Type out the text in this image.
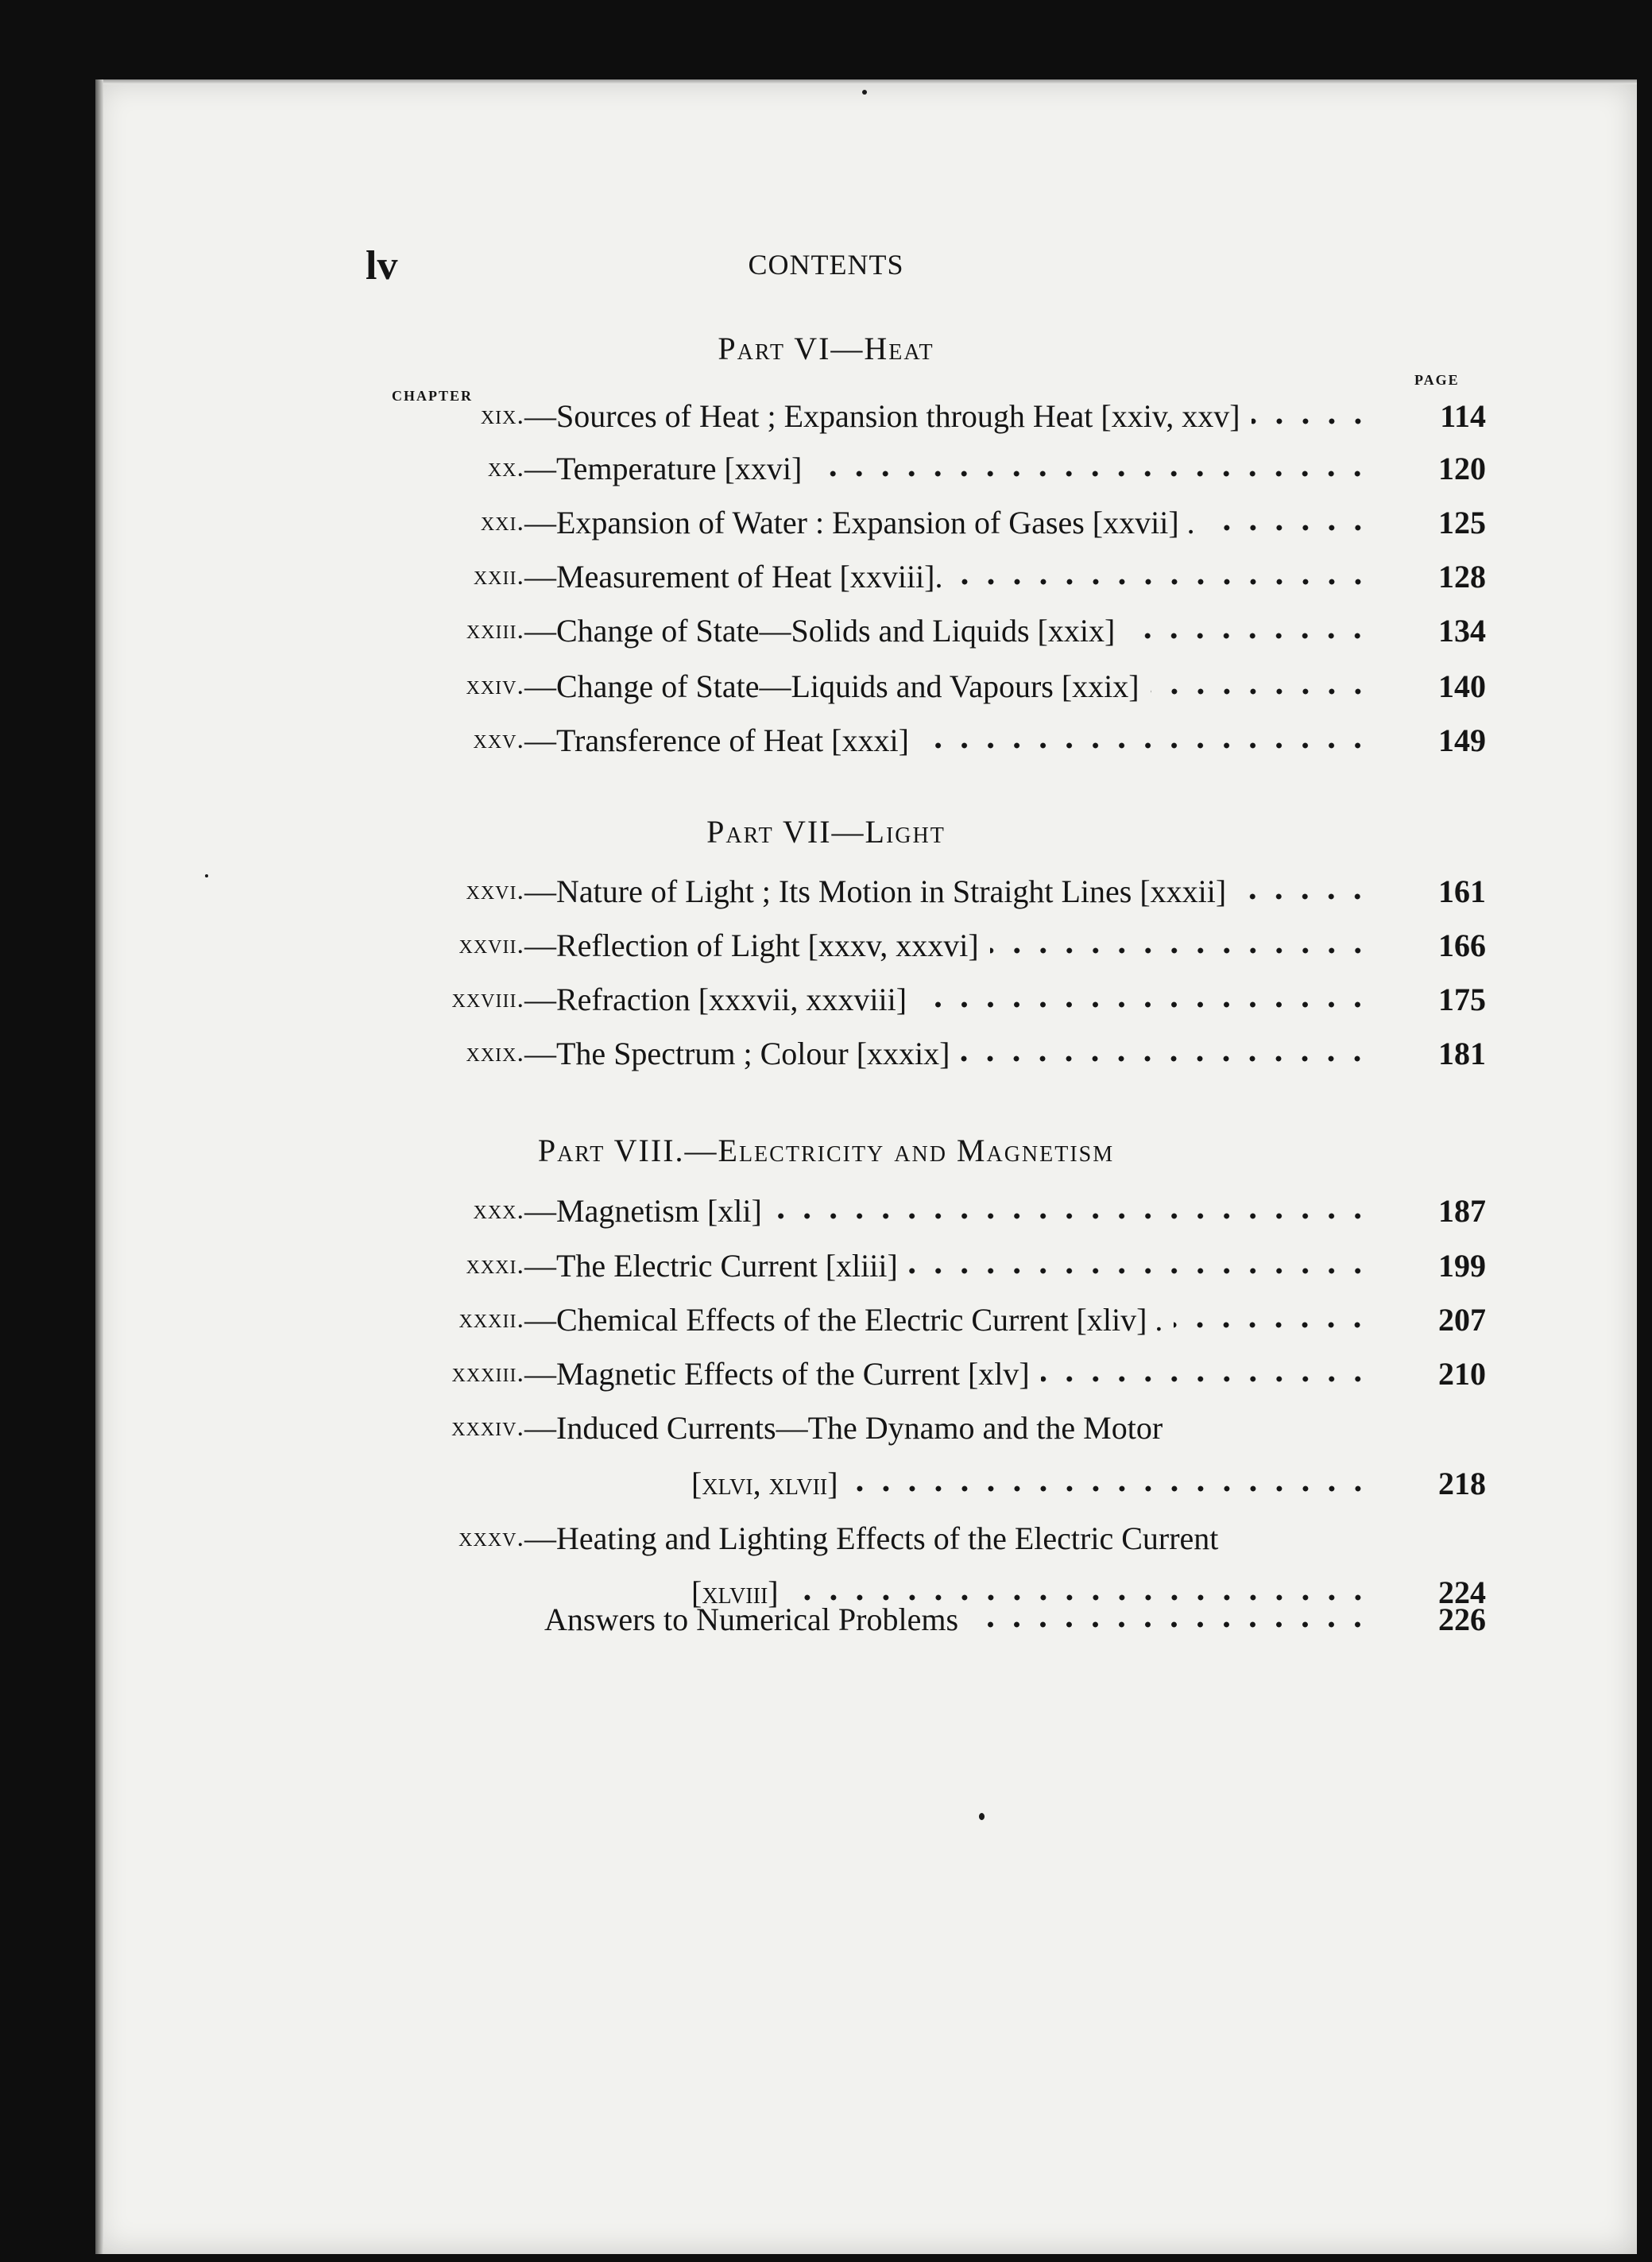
lv	CONTENTS
CHAPTER
PAGE
Part VI—Heat
xix. —Sources of Heat ; Expansion through Heat [xxiv, xxv]	114
xx. —Temperature [xxvi]	120
xxi. —Expansion of Water : Expansion of Gases [xxvii] .	125
xxii. —Measurement of Heat [xxviii].	128
xxiii. —Change of State—Solids and Liquids [xxix]	134
xxiv. —Change of State—Liquids and Vapours [xxix]	140
xxv. —Transference of Heat [xxxi]	149
Part VII—Light
xxvi. —Nature of Light ; Its Motion in Straight Lines [xxxii]	161
xxvii. —Reflection of Light [xxxv, xxxvi]	166
xxviii. —Refraction [xxxvii, xxxviii]	175
xxix. —The Spectrum ; Colour [xxxix]	181
Part VIII.—Electricity and Magnetism
xxx. —Magnetism [xli]	187
xxxi. —The Electric Current [xliii]	199
xxxii. —Chemical Effects of the Electric Current [xliv] .	207
xxxiii. —Magnetic Effects of the Current [xlv]	210
xxxiv. —Induced Currents—The Dynamo and the Motor
[xlvi, xlvii]	218
xxxv. —Heating and Lighting Effects of the Electric Current
[xlviii]	224
Answers to Numerical Problems	226
